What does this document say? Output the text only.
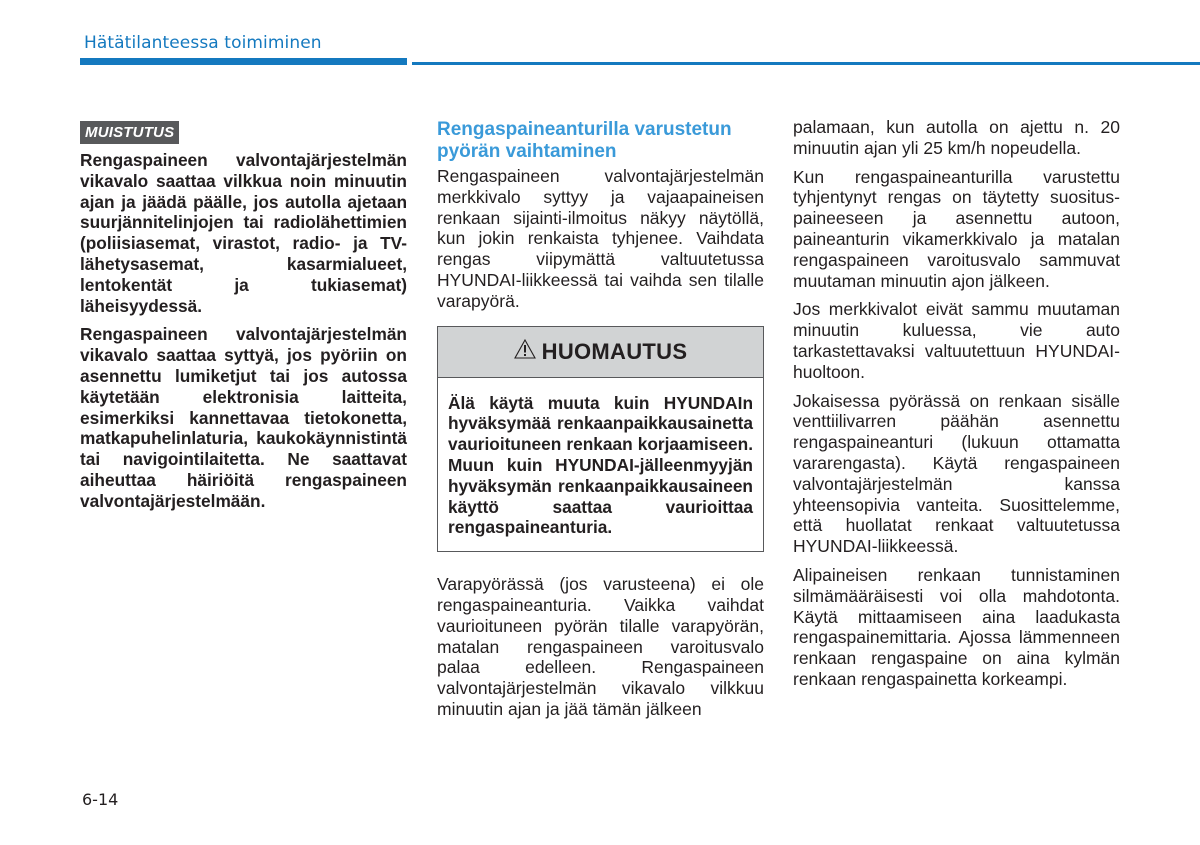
Hätätilanteessa toimiminen
MUISTUTUS

Rengaspaineen valvontajärjestelmän vikavalo saattaa vilkkua noin minuutin ajan ja jäädä päälle, jos autolla ajetaan suurjännitelinjojen tai radiolähettimien (poliisiasemat, virastot, radio- ja TV-lähetysasemat, kasarmialueet, lentokentät ja tukiasemat) läheisyydessä.

Rengaspaineen valvontajärjestelmän vikavalo saattaa syttyä, jos pyöriin on asennettu lumiketjut tai jos autossa käytetään elektronisia laitteita, esimerkiksi kannettavaa tietokonetta, matkapuhelinlaturia, kaukokäynnistintä tai navigointilaitetta. Ne saattavat aiheuttaa häiriöitä rengaspaineen valvontajärjestelmään.

Rengaspaineanturilla varustetun pyörän vaihtaminen

Rengaspaineen valvontajärjestelmän merkkivalo syttyy ja vajaapaineisen renkaan sijainti-ilmoitus näkyy näytöllä, kun jokin renkaista tyhjenee. Vaihdata rengas viipymättä valtuutetussa HYUNDAI-liikkeessä tai vaihda sen tilalle varapyörä.

HUOMAUTUS

Älä käytä muuta kuin HYUNDAIn hyväksymää renkaanpaikkausainetta vaurioituneen renkaan korjaamiseen. Muun kuin HYUNDAI-jälleenmyyjän hyväksymän renkaanpaikkausaineen käyttö saattaa vaurioittaa rengaspaineanturia.

Varapyörässä (jos varusteena) ei ole rengaspaineanturia. Vaikka vaihdat vaurioituneen pyörän tilalle varapyörän, matalan rengaspaineen varoitusvalo palaa edelleen. Rengaspaineen valvontajärjestelmän vikavalo vilkkuu minuutin ajan ja jää tämän jälkeen

palamaan, kun autolla on ajettu n. 20 minuutin ajan yli 25 km/h nopeudella.

Kun rengaspaineanturilla varustettu tyhjentynyt rengas on täytetty suosituspaineeseen ja asennettu autoon, paineanturin vikamerkkivalo ja matalan rengaspaineen varoitusvalo sammuvat muutaman minuutin ajon jälkeen.

Jos merkkivalot eivät sammu muutaman minuutin kuluessa, vie auto tarkastettavaksi valtuutettuun HYUNDAI-huoltoon.

Jokaisessa pyörässä on renkaan sisälle venttiilivarren päähän asennettu rengaspaineanturi (lukuun ottamatta vararengasta). Käytä rengaspaineen valvontajärjestelmän kanssa yhteensopivia vanteita. Suosittelemme, että huollatat renkaat valtuutetussa HYUNDAI-liikkeessä.

Alipaineisen renkaan tunnistaminen silmämääräisesti voi olla mahdotonta. Käytä mittaamiseen aina laadukasta rengaspainemittaria. Ajossa lämmenneen renkaan rengaspaine on aina kylmän renkaan rengaspainetta korkeampi.

6-14
